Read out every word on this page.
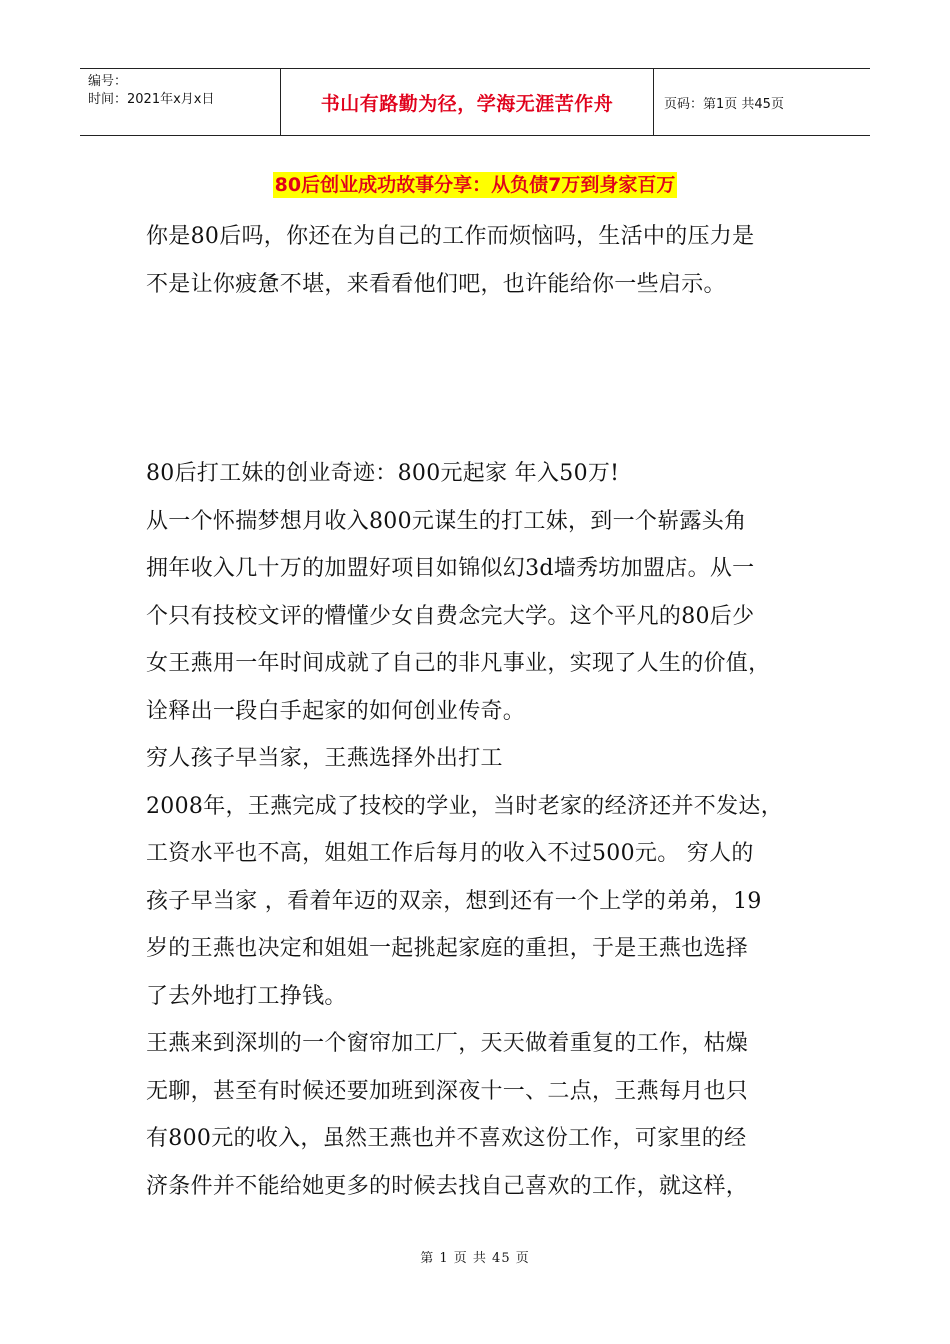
编号：
时间：2021年x月x日	书山有路勤为径，学海无涯苦作舟	页码：第1页 共45页
80后创业成功故事分享：从负债7万到身家百万

你是80后吗，你还在为自己的工作而烦恼吗，生活中的压力是

不是让你疲惫不堪，来看看他们吧，也许能给你一些启示。

80后打工妹的创业奇迹：800元起家 年入50万!

从一个怀揣梦想月收入800元谋生的打工妹，到一个崭露头角

拥年收入几十万的加盟好项目如锦似幻3d墙秀坊加盟店。从一

个只有技校文评的懵懂少女自费念完大学。这个平凡的80后少

女王燕用一年时间成就了自己的非凡事业，实现了人生的价值，

诠释出一段白手起家的如何创业传奇。

穷人孩子早当家，王燕选择外出打工

2008年，王燕完成了技校的学业，当时老家的经济还并不发达，

工资水平也不高，姐姐工作后每月的收入不过500元。 穷人的

孩子早当家 ，看着年迈的双亲，想到还有一个上学的弟弟，19

岁的王燕也决定和姐姐一起挑起家庭的重担，于是王燕也选择

了去外地打工挣钱。

王燕来到深圳的一个窗帘加工厂，天天做着重复的工作，枯燥

无聊，甚至有时候还要加班到深夜十一、二点，王燕每月也只

有800元的收入，虽然王燕也并不喜欢这份工作，可家里的经

济条件并不能给她更多的时候去找自己喜欢的工作，就这样，

第 1 页 共 45 页
